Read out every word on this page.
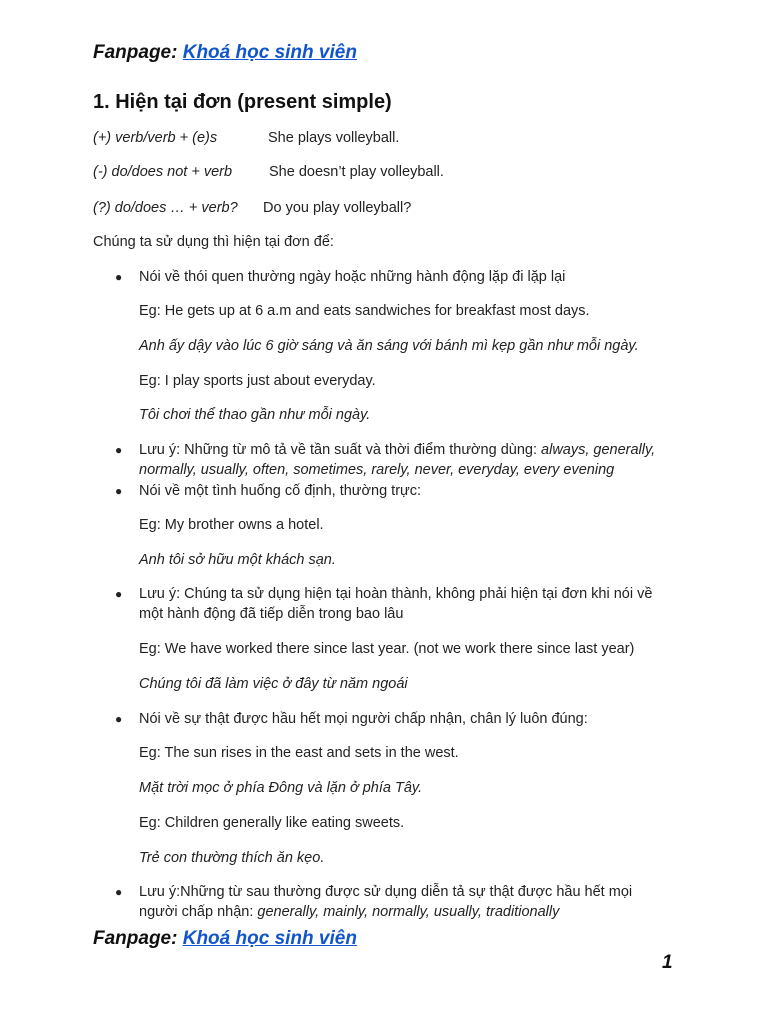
Fanpage: Khoá học sinh viên
1. Hiện tại đơn (present simple)
(+) verb/verb + (e)s	She plays volleyball.
(-) do/does not + verb	She doesn’t play volleyball.
(?) do/does … + verb? Do you play volleyball?
Chúng ta sử dụng thì hiện tại đơn để:
● Nói về thói quen thường ngày hoặc những hành động lặp đi lặp lại
Eg: He gets up at 6 a.m and eats sandwiches for breakfast most days.
Anh ấy dậy vào lúc 6 giờ sáng và ăn sáng với bánh mì kẹp gần như mỗi ngày.
Eg: I play sports just about everyday.
Tôi chơi thể thao gần như mỗi ngày.
● Lưu ý: Những từ mô tả về tần suất và thời điểm thường dùng: always, generally, normally, usually, often, sometimes, rarely, never, everyday, every evening
● Nói về một tình huống cố định, thường trực:
Eg: My brother owns a hotel.
Anh tôi sở hữu một khách sạn.
● Lưu ý: Chúng ta sử dụng hiện tại hoàn thành, không phải hiện tại đơn khi nói về một hành động đã tiếp diễn trong bao lâu
Eg: We have worked there since last year. (not we work there since last year)
Chúng tôi đã làm việc ở đây từ năm ngoái
● Nói về sự thật được hầu hết mọi người chấp nhận, chân lý luôn đúng:
Eg: The sun rises in the east and sets in the west.
Mặt trời mọc ở phía Đông và lặn ở phía Tây.
Eg: Children generally like eating sweets.
Trẻ con thường thích ăn kẹo.
● Lưu ý:Những từ sau thường được sử dụng diễn tả sự thật được hầu hết mọi người chấp nhận: generally, mainly, normally, usually, traditionally
Fanpage: Khoá học sinh viên
1
